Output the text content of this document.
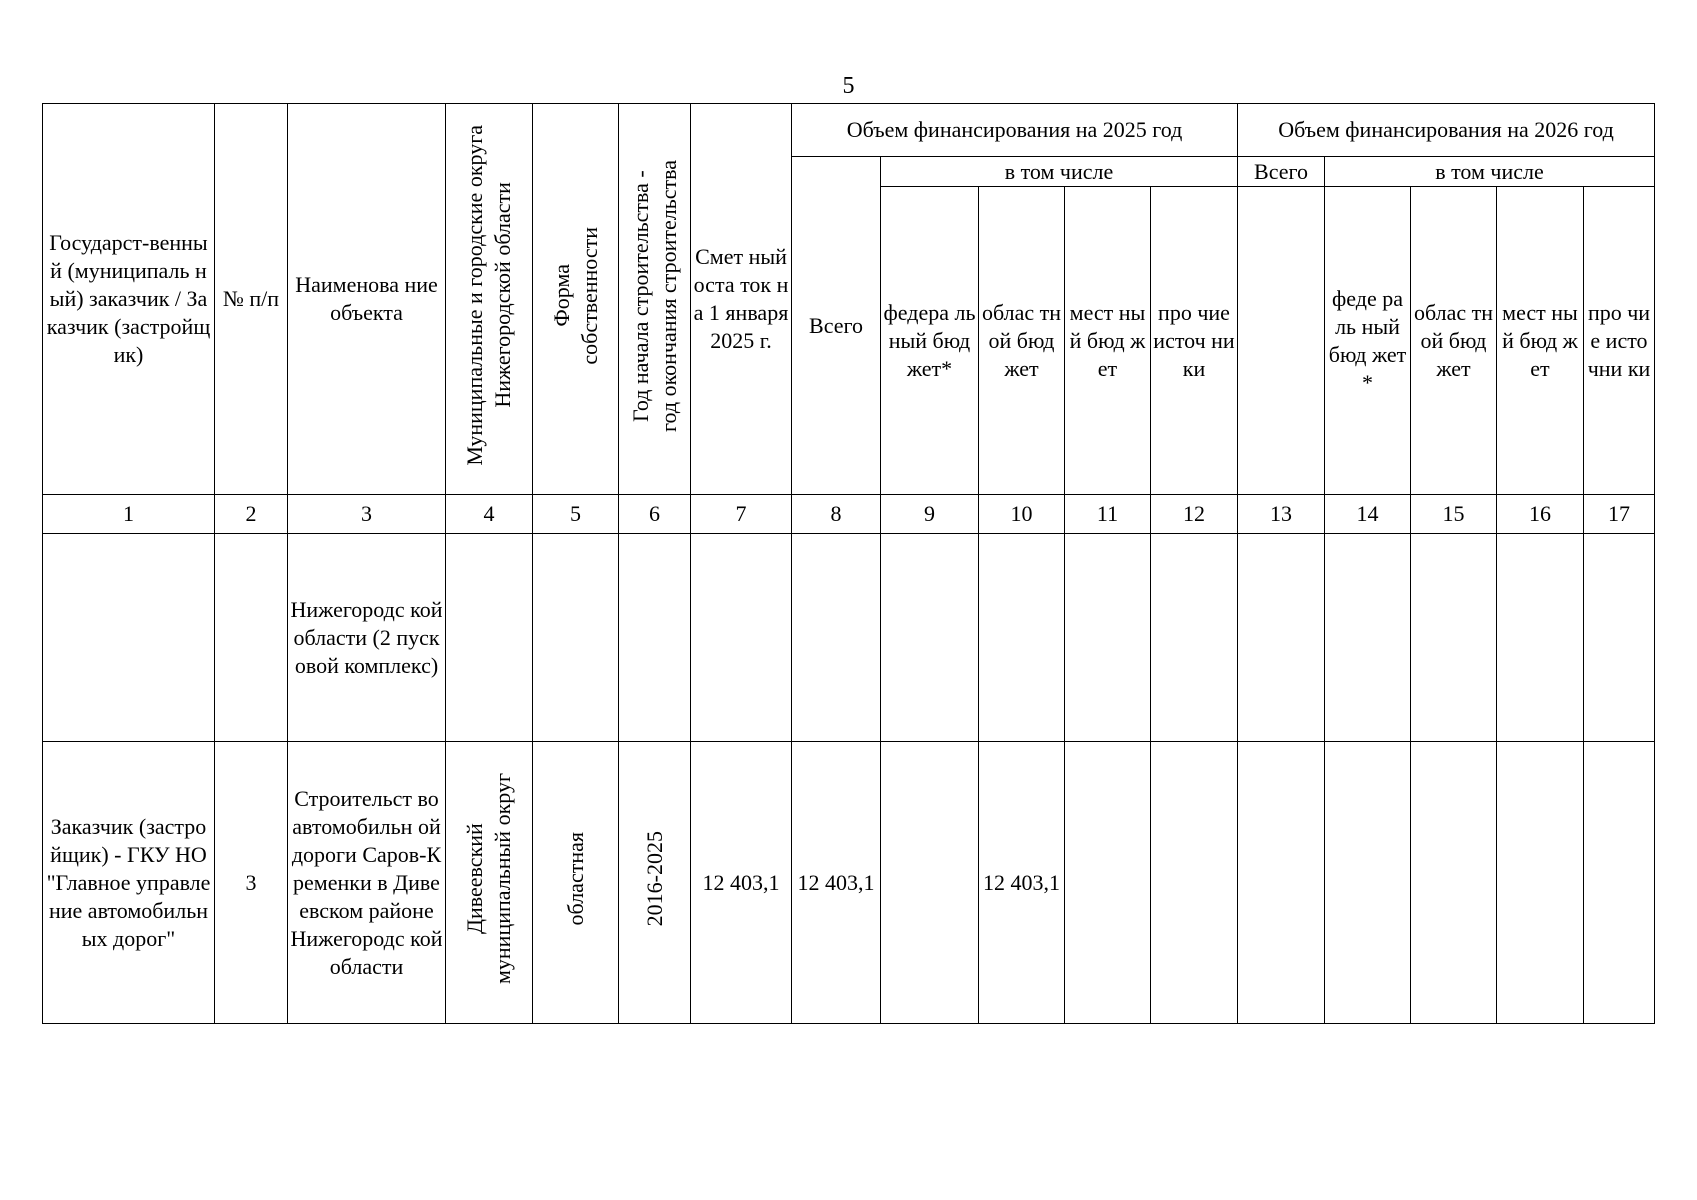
5
Государст-венный (муниципаль ный) заказчик / Заказчик (застройщик)	№ п/п	Наименова ние объекта	Муниципальные и городские округа Нижегородской области	Форма собственности	Год начала строительства - год окончания строительства	Смет ный оста ток на 1 января 2025 г.	Объем финансирования на 2025 год					Объем финансирования на 2026 год				
							Всего	в том числе				Всего	в том числе			
								федера льный бюд жет*	облас тной бюд жет	мест ный бюд жет	про чие источ ники		феде раль ный бюд жет*	облас тной бюд жет	мест ный бюд жет	про чие исто чни ки
1	2	3	4	5	6	7	8	9	10	11	12	13	14	15	16	17
		Нижегородс кой области (2 пусковой комплекс)														
Заказчик (застройщик) - ГКУ НО "Главное управление автомобильн ых дорог"	3	Строительст во автомобильн ой дороги Саров-Кременки в Дивеевском районе Нижегородс кой области	Дивеевский муниципальный округ	областная	2016-2025	12 403,1	12 403,1		12 403,1							
